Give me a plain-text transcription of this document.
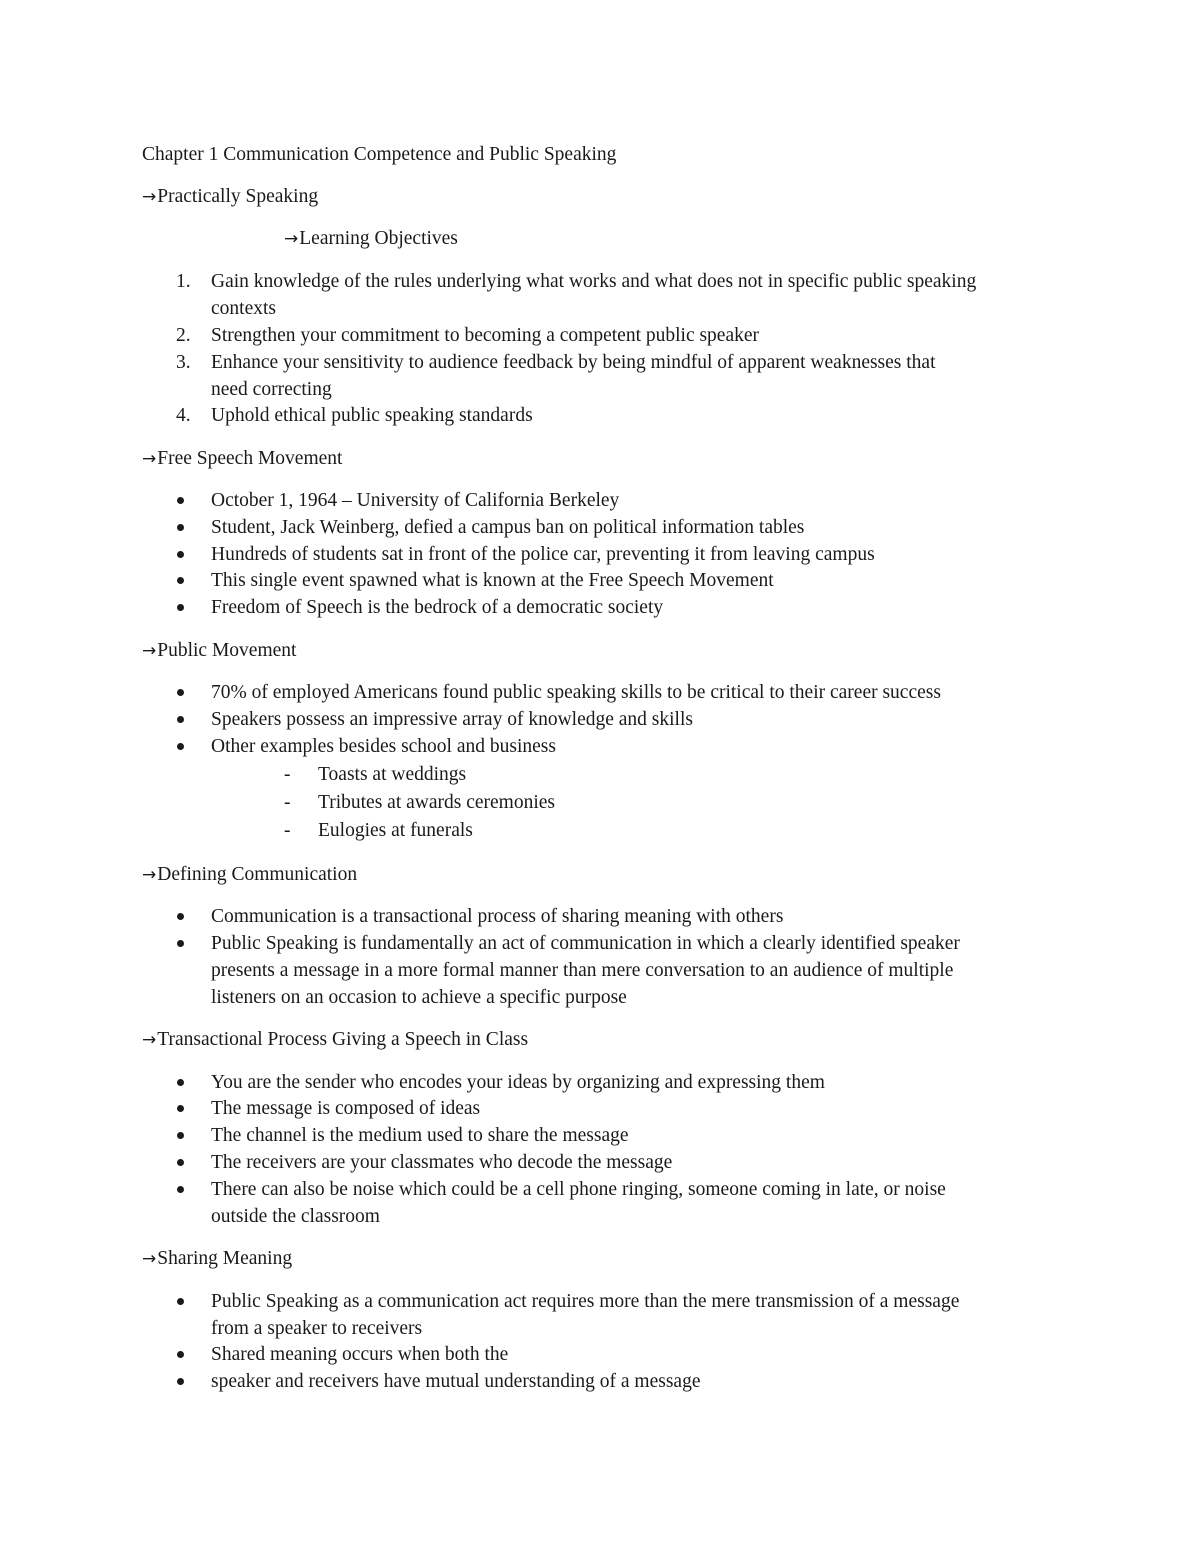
Chapter 1 Communication Competence and Public Speaking
→Practically Speaking
→Learning Objectives
1. Gain knowledge of the rules underlying what works and what does not in specific public speaking
contexts
2. Strengthen your commitment to becoming a competent public speaker
3. Enhance your sensitivity to audience feedback by being mindful of apparent weaknesses that
need correcting
4. Uphold ethical public speaking standards
→Free Speech Movement
October 1, 1964 – University of California Berkeley
Student, Jack Weinberg, defied a campus ban on political information tables
Hundreds of students sat in front of the police car, preventing it from leaving campus
This single event spawned what is known at the Free Speech Movement
Freedom of Speech is the bedrock of a democratic society
→Public Movement
70% of employed Americans found public speaking skills to be critical to their career success
Speakers possess an impressive array of knowledge and skills
Other examples besides school and business
- Toasts at weddings
- Tributes at awards ceremonies
- Eulogies at funerals
→Defining Communication
Communication is a transactional process of sharing meaning with others
Public Speaking is fundamentally an act of communication in which a clearly identified speaker
presents a message in a more formal manner than mere conversation to an audience of multiple
listeners on an occasion to achieve a specific purpose
→Transactional Process Giving a Speech in Class
You are the sender who encodes your ideas by organizing and expressing them
The message is composed of ideas
The channel is the medium used to share the message
The receivers are your classmates who decode the message
There can also be noise which could be a cell phone ringing, someone coming in late, or noise
outside the classroom
→Sharing Meaning
Public Speaking as a communication act requires more than the mere transmission of a message
from a speaker to receivers
Shared meaning occurs when both the
speaker and receivers have mutual understanding of a message
